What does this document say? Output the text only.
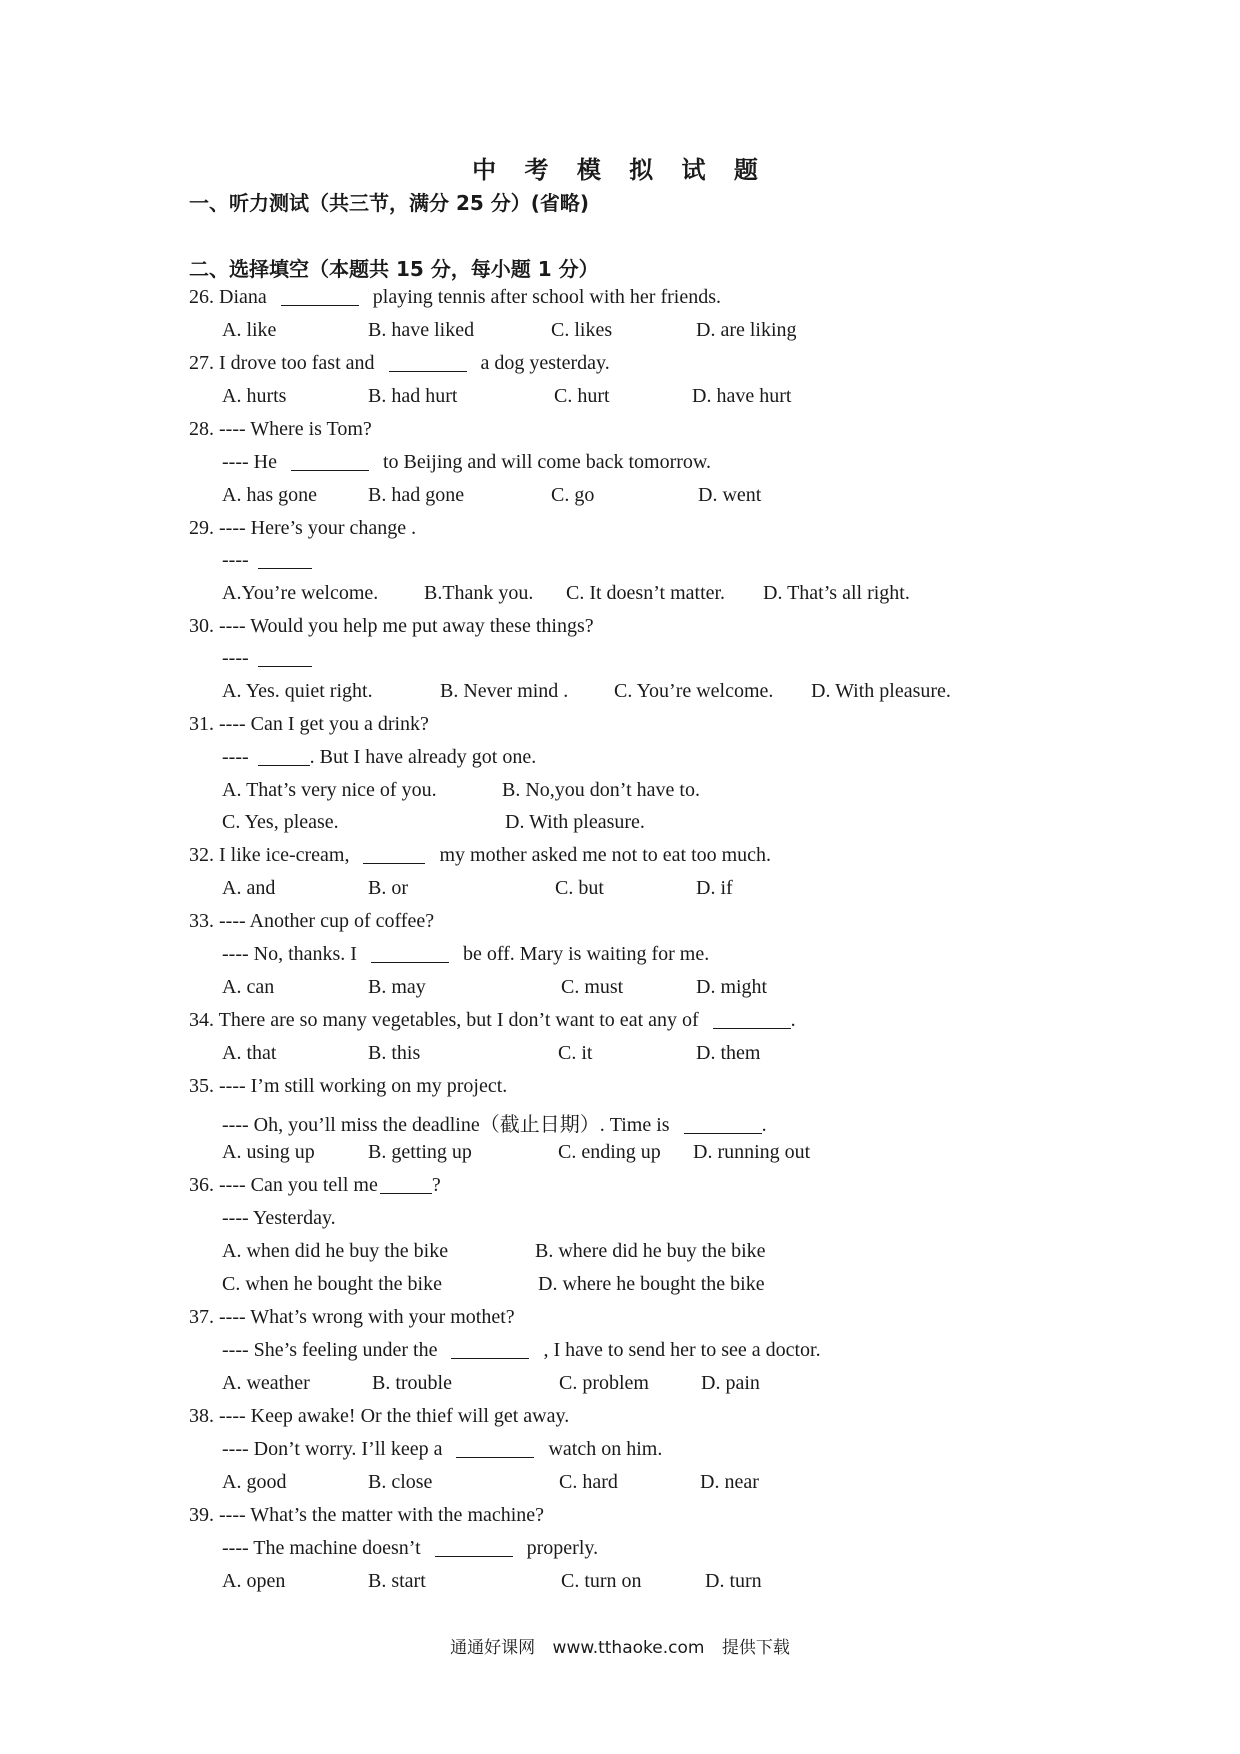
中 考 模 拟 试 题
一、听力测试（共三节，满分 25 分）(省略)
二、选择填空（本题共 15 分，每小题 1 分）
26. Diana	playing tennis after school with her friends.
A. like	B. have liked	C. likes	D. are liking
27. I drove too fast and	a dog yesterday.
A. hurts	B. had hurt	C. hurt	D. have hurt
28. ---- Where is Tom?
---- He	to Beijing and will come back tomorrow.
A. has gone	B. had gone	C. go	D. went
29. ---- Here’s your change .
----
A.You’re welcome. B.Thank you. C. It doesn’t matter. D. That’s all right.
30. ---- Would you help me put away these things?
----
A. Yes. quiet right.	B. Never mind . C. You’re welcome. D. With pleasure.
31. ---- Can I get you a drink?
----	. But I have already got one.
A. That’s very nice of you.	B. No,you don’t have to.
C. Yes, please.	D. With pleasure.
32. I like ice-cream,	my mother asked me not to eat too much.
A. and	B. or	C. but	D. if
33. ---- Another cup of coffee?
---- No, thanks. I	be off. Mary is waiting for me.
A. can	B. may	C. must	D. might
34. There are so many vegetables, but I don’t want to eat any of	.
A. that	B. this	C. it	D. them
35. ---- I’m still working on my project.
---- Oh, you’ll miss the deadline（截止日期）. Time is	.
A. using up	B. getting up	C. ending up D. running out
36. ---- Can you tell me	?
---- Yesterday.
A. when did he buy the bike	B. where did he buy the bike
C. when he bought the bike	D. where he bought the bike
37. ---- What’s wrong with your mothet?
---- She’s feeling under the	, I have to send her to see a doctor.
A. weather	B. trouble	C. problem	D. pain
38. ---- Keep awake! Or the thief will get away.
---- Don’t worry. I’ll keep a	watch on him.
A. good	B. close	C. hard	D. near
39. ---- What’s the matter with the machine?
---- The machine doesn’t	properly.
A. open	B. start	C. turn on	D. turn
通通好课网 www.tthaoke.com 提供下载
